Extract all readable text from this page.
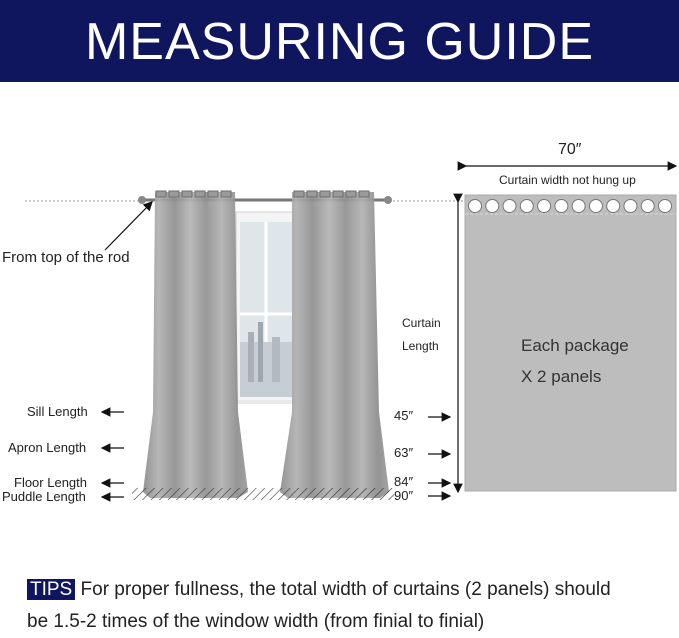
MEASURING GUIDE
From top of the rod
Sill Length
Apron Length
Floor Length
Puddle Length
70″
Curtain width not hung up
Curtain
Length	Each package
X 2 panels
45″
63″
84″
90″
TIPS For proper fullness, the total width of curtains (2 panels) should
be 1.5-2 times of the window width (from finial to finial)
